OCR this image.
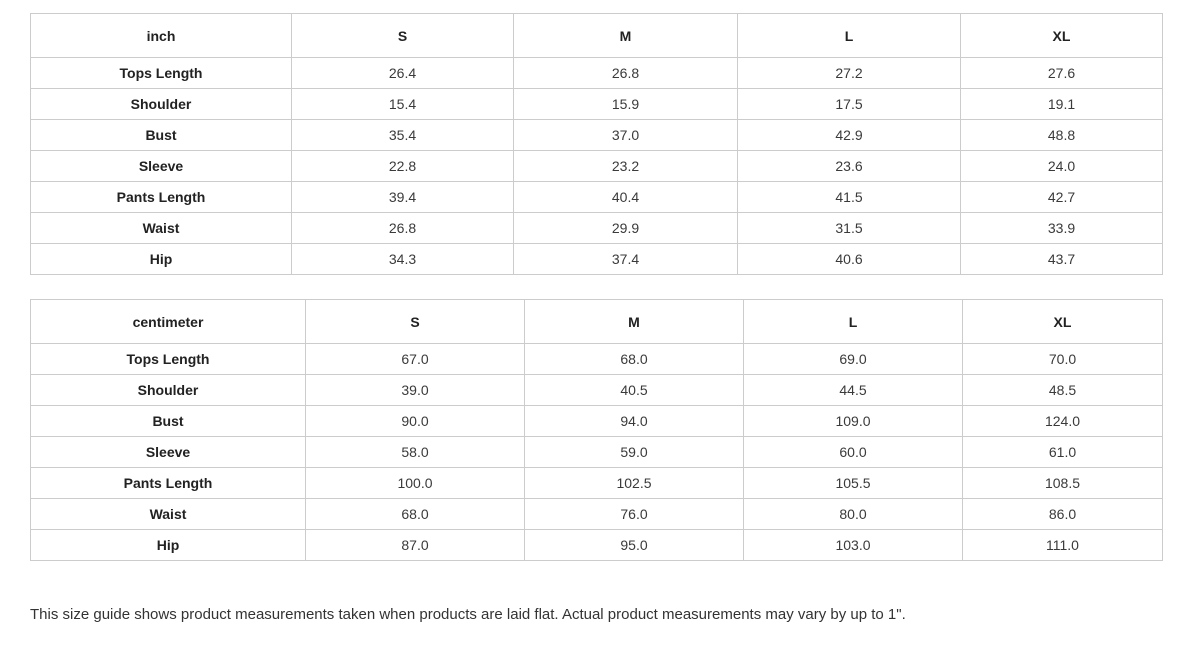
inch	S	M	L	XL
Tops Length	26.4	26.8	27.2	27.6
Shoulder	15.4	15.9	17.5	19.1
Bust	35.4	37.0	42.9	48.8
Sleeve	22.8	23.2	23.6	24.0
Pants Length	39.4	40.4	41.5	42.7
Waist	26.8	29.9	31.5	33.9
Hip	34.3	37.4	40.6	43.7
centimeter	S	M	L	XL
Tops Length	67.0	68.0	69.0	70.0
Shoulder	39.0	40.5	44.5	48.5
Bust	90.0	94.0	109.0	124.0
Sleeve	58.0	59.0	60.0	61.0
Pants Length	100.0	102.5	105.5	108.5
Waist	68.0	76.0	80.0	86.0
Hip	87.0	95.0	103.0	111.0

This size guide shows product measurements taken when products are laid flat. Actual product measurements may vary by up to 1".
